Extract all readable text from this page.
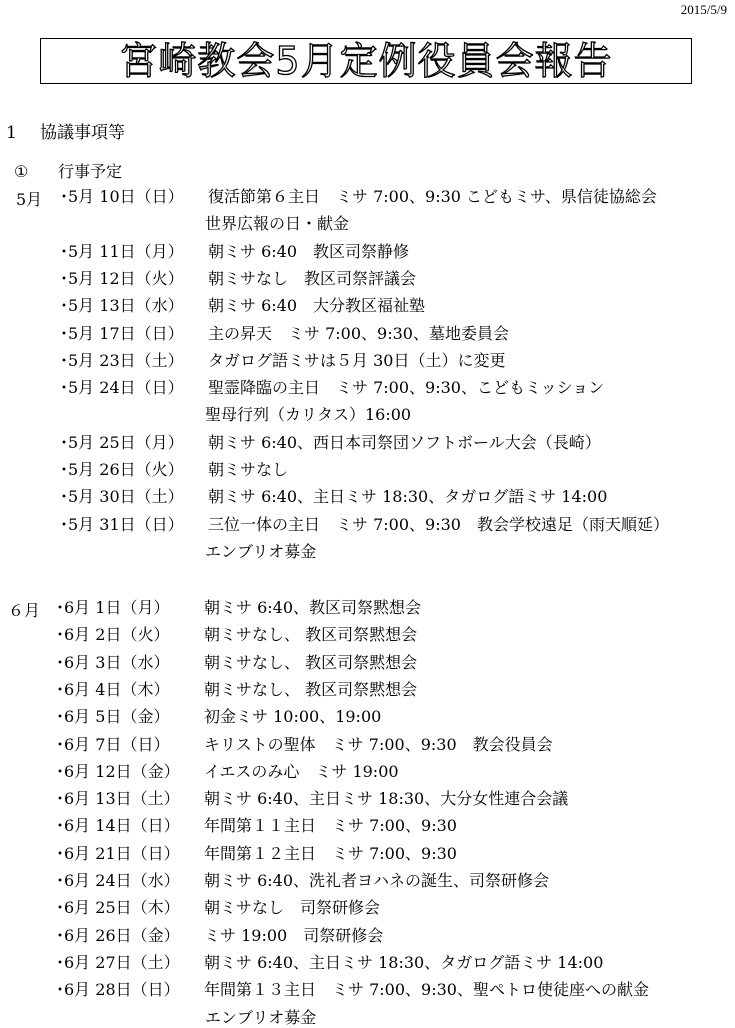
2015/5/9
宮崎教会5月定例役員会報告
1 協議事項等
① 行事予定
5月 ・
5月 10日（日） 復活節第６主日　ミサ 7:00、9:30 こどもミサ、県信徒協総会
世界広報の日・献金
・
5月 11日（月） 朝ミサ 6:40　教区司祭静修
・
5月 12日（火） 朝ミサなし　教区司祭評議会
・
5月 13日（水） 朝ミサ 6:40　大分教区福祉塾
・
5月 17日（日） 主の昇天　ミサ 7:00、9:30、墓地委員会
・
5月 23日（土） タガログ語ミサは５月 30日（土）に変更
・
5月 24日（日） 聖霊降臨の主日　ミサ 7:00、9:30、こどもミッション
聖母行列（カリタス）16:00
・
5月 25日（月） 朝ミサ 6:40、西日本司祭団ソフトボール大会（長崎）
・
5月 26日（火） 朝ミサなし
・
5月 30日（土） 朝ミサ 6:40、主日ミサ 18:30、タガログ語ミサ 14:00
・
5月 31日（日） 三位一体の主日　ミサ 7:00、9:30　教会学校遠足（雨天順延）
エンブリオ募金
６月 ・
6月 1日（月） 朝ミサ 6:40、教区司祭黙想会
・
6月 2日（火） 朝ミサなし、 教区司祭黙想会
・
6月 3日（水） 朝ミサなし、 教区司祭黙想会
・
6月 4日（木） 朝ミサなし、 教区司祭黙想会
・
6月 5日（金） 初金ミサ 10:00、19:00
・
6月 7日（日） キリストの聖体　ミサ 7:00、9:30　教会役員会
・
6月 12日（金） イエスのみ心　ミサ 19:00
・
6月 13日（土） 朝ミサ 6:40、主日ミサ 18:30、大分女性連合会議
・
6月 14日（日） 年間第１１主日　ミサ 7:00、9:30
・
6月 21日（日） 年間第１２主日　ミサ 7:00、9:30
・
6月 24日（水） 朝ミサ 6:40、洗礼者ヨハネの誕生、司祭研修会
・
6月 25日（木） 朝ミサなし　司祭研修会
・
6月 26日（金） ミサ 19:00　司祭研修会
・
6月 27日（土） 朝ミサ 6:40、主日ミサ 18:30、タガログ語ミサ 14:00
・
6月 28日（日） 年間第１３主日　ミサ 7:00、9:30、聖ペトロ使徒座への献金
エンブリオ募金
